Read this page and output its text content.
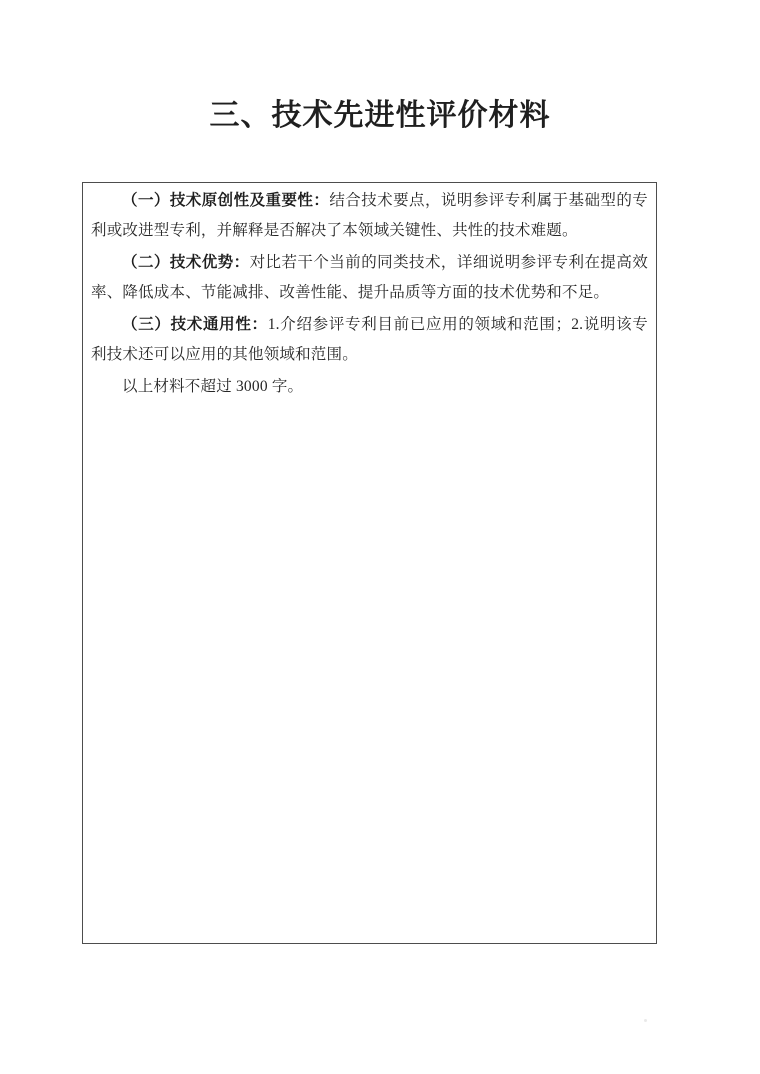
三、技术先进性评价材料

（一）技术原创性及重要性：结合技术要点，说明参评专利属于基础型的专利或改进型专利，并解释是否解决了本领域关键性、共性的技术难题。

（二）技术优势：对比若干个当前的同类技术，详细说明参评专利在提高效率、降低成本、节能减排、改善性能、提升品质等方面的技术优势和不足。

（三）技术通用性：1.介绍参评专利目前已应用的领域和范围；2.说明该专利技术还可以应用的其他领域和范围。

以上材料不超过 3000 字。
